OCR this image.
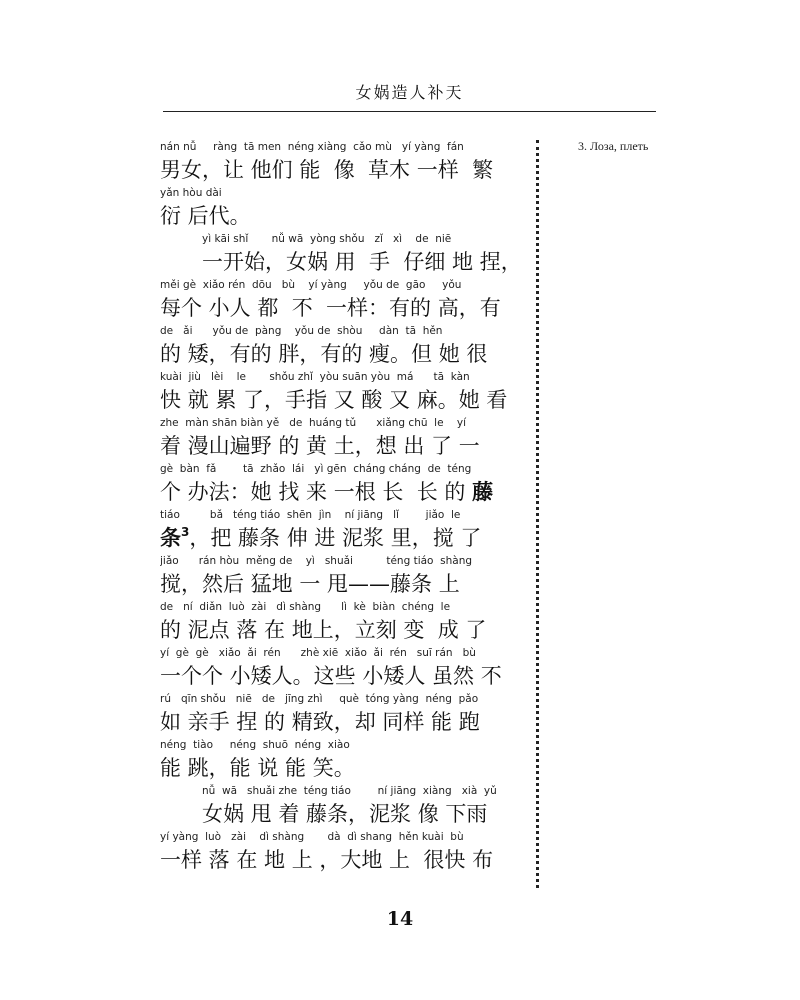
女娲造人补天
nán nǚ     ràng  tā men  néng xiàng  cǎo mù   yí yàng  fán
男女，让 他们 能  像  草木 一样  繁
yǎn hòu dài
衍 后代。
yì kāi shǐ       nǚ wā  yòng shǒu   zǐ   xì    de  niē
一开始，女娲 用  手  仔细 地 捏，
měi gè  xiǎo rén  dōu   bù    yí yàng     yǒu de  gāo     yǒu
每个 小人 都  不  一样：有的 高，有
de   ǎi      yǒu de  pàng    yǒu de  shòu     dàn  tā  hěn
的 矮，有的 胖，有的 瘦。但 她 很
kuài  jiù   lèi    le       shǒu zhǐ  yòu suān yòu  má      tā  kàn
快 就 累 了，手指 又 酸 又 麻。她 看
zhe  màn shān biàn yě   de  huáng tǔ      xiǎng chū  le    yí
着 漫山遍野 的 黄 土，想 出 了 一
gè  bàn  fǎ        tā  zhǎo  lái   yì gēn  cháng cháng  de  téng
个 办法：她 找 来 一根 长  长 的 藤
tiáo         bǎ   téng tiáo  shēn  jìn    ní jiāng   lǐ        jiǎo  le
条$^3$，把 藤条 伸 进 泥浆 里，搅 了
jiǎo      rán hòu  měng de    yì   shuǎi          téng tiáo  shàng
搅，然后 猛地 一 甩——藤条 上
de   ní  diǎn  luò  zài   dì shàng      lì  kè  biàn  chéng  le
的 泥点 落 在 地上，立刻 变  成 了
yí  gè  gè   xiǎo  ǎi  rén      zhè xiē  xiǎo  ǎi  rén   suī rán   bù
一个个 小矮人。这些 小矮人 虽然 不
rú   qīn shǒu   niē   de   jīng zhì     què  tóng yàng  néng  pǎo
如 亲手 捏 的 精致，却 同样 能 跑
néng  tiào     néng  shuō  néng  xiào
能 跳，能 说 能 笑。
nǚ  wā   shuǎi zhe  téng tiáo        ní jiāng  xiàng   xià  yǔ
女娲 甩 着 藤条，泥浆 像 下雨
yí yàng  luò   zài    dì shàng       dà  dì shang  hěn kuài  bù
一样 落 在 地 上 ，大地 上  很快 布
3. Лоза, плеть
14
